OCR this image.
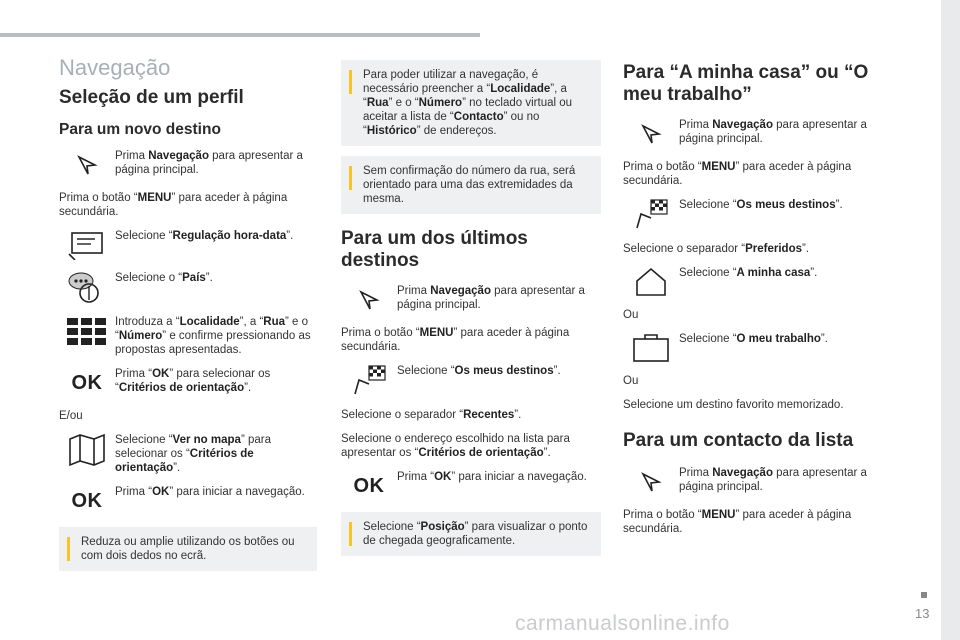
Navegação
Seleção de um perfil
Para um novo destino
Prima Navegação para apresentar a página principal.
Prima o botão “MENU” para aceder à página secundária.
Selecione “Regulação hora-data”.
Selecione o “País”.
Introduza a “Localidade”, a “Rua” e o “Número” e confirme pressionando as propostas apresentadas.
OK Prima “OK” para selecionar os “Critérios de orientação”.
E/ou
Selecione “Ver no mapa” para selecionar os “Critérios de orientação”.
OK Prima “OK” para iniciar a navegação.
Reduza ou amplie utilizando os botões ou com dois dedos no ecrã.
Para poder utilizar a navegação, é necessário preencher a “Localidade”, a “Rua” e o “Número” no teclado virtual ou aceitar a lista de “Contacto” ou no “Histórico” de endereços.
Sem confirmação do número da rua, será orientado para uma das extremidades da mesma.
Para um dos últimos destinos
Prima Navegação para apresentar a página principal.
Prima o botão “MENU” para aceder à página secundária.
Selecione “Os meus destinos”.
Selecione o separador “Recentes”.
Selecione o endereço escolhido na lista para apresentar os “Critérios de orientação”.
OK Prima “OK” para iniciar a navegação.
Selecione “Posição” para visualizar o ponto de chegada geograficamente.
Para “A minha casa” ou “O meu trabalho”
Prima Navegação para apresentar a página principal.
Prima o botão “MENU” para aceder à página secundária.
Selecione “Os meus destinos”.
Selecione o separador “Preferidos”.
Selecione “A minha casa”.
Ou
Selecione “O meu trabalho”.
Ou
Selecione um destino favorito memorizado.
Para um contacto da lista
Prima Navegação para apresentar a página principal.
Prima o botão “MENU” para aceder à página secundária.
13
carmanualsonline.info
